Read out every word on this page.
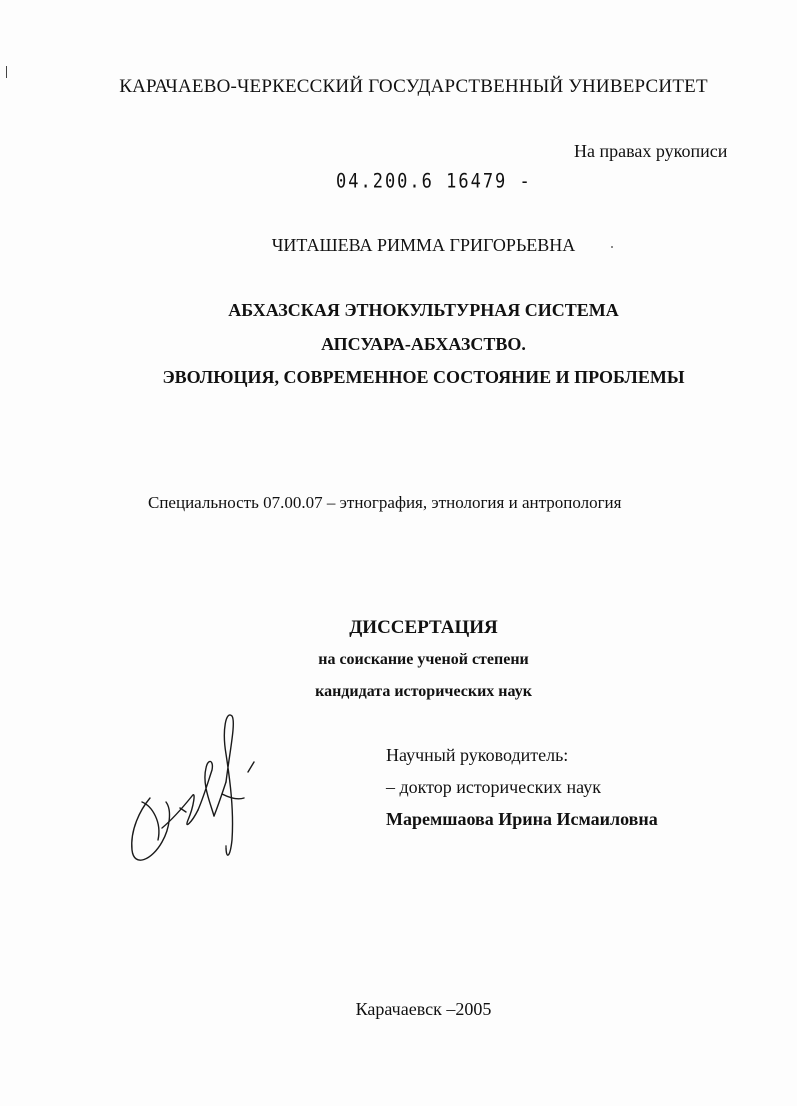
КАРАЧАЕВО-ЧЕРКЕССКИЙ ГОСУДАРСТВЕННЫЙ УНИВЕРСИТЕТ
На правах рукописи
04.200.6 16479 -
ЧИТАШЕВА РИММА ГРИГОРЬЕВНА
АБХАЗСКАЯ ЭТНОКУЛЬТУРНАЯ СИСТЕМА
АПСУАРА-АБХАЗСТВО.
ЭВОЛЮЦИЯ, СОВРЕМЕННОЕ СОСТОЯНИЕ И ПРОБЛЕМЫ
Специальность 07.00.07 – этнография, этнология и антропология
ДИССЕРТАЦИЯ
на соискание ученой степени
кандидата исторических наук
Научный руководитель:
– доктор исторических наук
Маремшаова Ирина Исмаиловна
Карачаевск –2005
